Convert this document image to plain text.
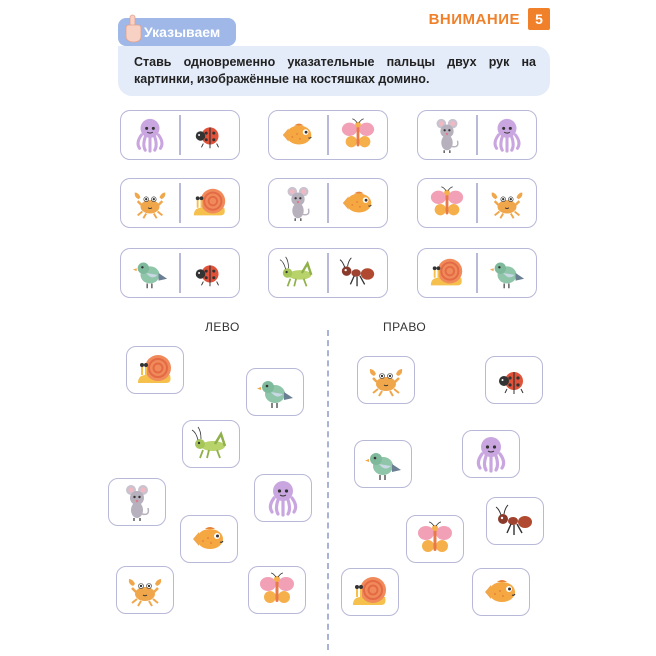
ВНИМАНИЕ	5
Указываем
Ставь одновременно указательные пальцы двух рук на картинки, изображённые на костяшках домино.
ЛЕВО	ПРАВО
